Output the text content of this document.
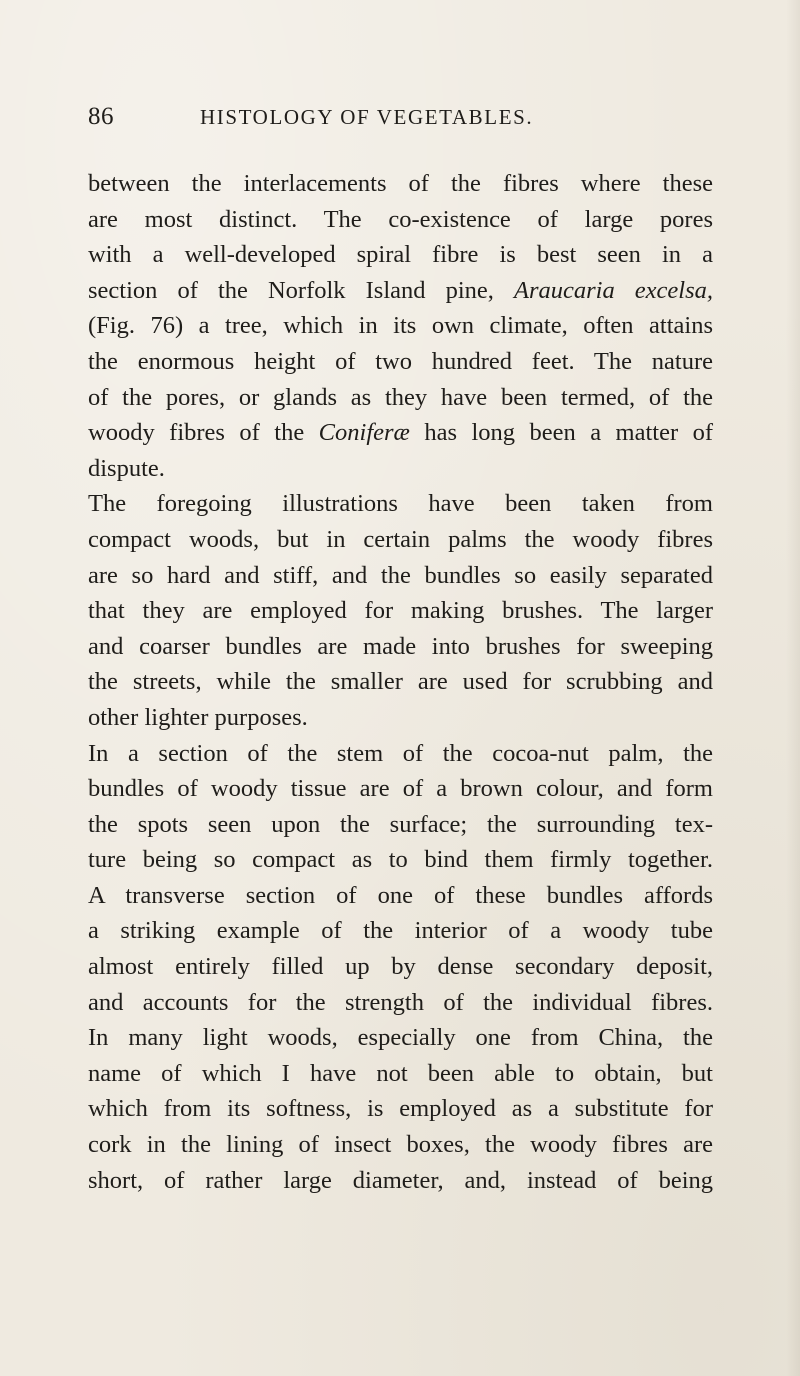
86	HISTOLOGY OF VEGETABLES.
between the interlacements of the fibres where these
are most distinct. The co-existence of large pores
with a well-developed spiral fibre is best seen in a
section of the Norfolk Island pine, Araucaria excelsa,
(Fig. 76) a tree, which in its own climate, often attains
the enormous height of two hundred feet. The nature
of the pores, or glands as they have been termed, of the
woody fibres of the Coniferæ has long been a matter of
dispute.
The foregoing illustrations have been taken from
compact woods, but in certain palms the woody fibres
are so hard and stiff, and the bundles so easily separated
that they are employed for making brushes. The larger
and coarser bundles are made into brushes for sweeping
the streets, while the smaller are used for scrubbing and
other lighter purposes.
In a section of the stem of the cocoa-nut palm, the
bundles of woody tissue are of a brown colour, and form
the spots seen upon the surface; the surrounding tex-
ture being so compact as to bind them firmly together.
A transverse section of one of these bundles affords
a striking example of the interior of a woody tube
almost entirely filled up by dense secondary deposit,
and accounts for the strength of the individual fibres.
In many light woods, especially one from China, the
name of which I have not been able to obtain, but
which from its softness, is employed as a substitute for
cork in the lining of insect boxes, the woody fibres are
short, of rather large diameter, and, instead of being
